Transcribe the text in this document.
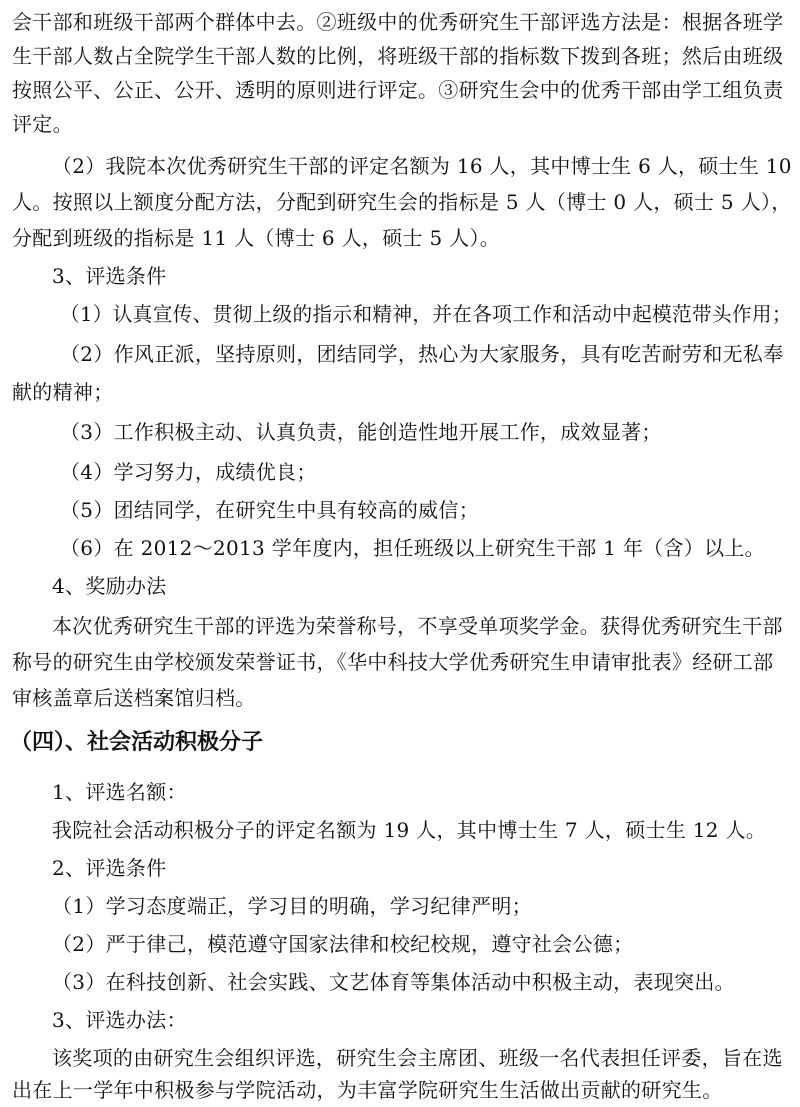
会干部和班级干部两个群体中去。②班级中的优秀研究生干部评选方法是：根据各班学
生干部人数占全院学生干部人数的比例，将班级干部的指标数下拨到各班；然后由班级
按照公平、公正、公开、透明的原则进行评定。③研究生会中的优秀干部由学工组负责
评定。
（2）我院本次优秀研究生干部的评定名额为 16 人，其中博士生 6 人，硕士生 10
人。按照以上额度分配方法，分配到研究生会的指标是 5 人（博士 0 人，硕士 5 人），
分配到班级的指标是 11 人（博士 6 人，硕士 5 人）。
3、评选条件
（1）认真宣传、贯彻上级的指示和精神，并在各项工作和活动中起模范带头作用；
（2）作风正派，坚持原则，团结同学，热心为大家服务，具有吃苦耐劳和无私奉
献的精神；
（3）工作积极主动、认真负责，能创造性地开展工作，成效显著；
（4）学习努力，成绩优良；
（5）团结同学，在研究生中具有较高的威信；
（6）在 2012～2013 学年度内，担任班级以上研究生干部 1 年（含）以上。
4、奖励办法
本次优秀研究生干部的评选为荣誉称号，不享受单项奖学金。获得优秀研究生干部
称号的研究生由学校颁发荣誉证书，《华中科技大学优秀研究生申请审批表》经研工部
审核盖章后送档案馆归档。
（四）、社会活动积极分子
1、评选名额：
我院社会活动积极分子的评定名额为 19 人，其中博士生 7 人，硕士生 12 人。
2、评选条件
（1）学习态度端正，学习目的明确，学习纪律严明；
（2）严于律己，模范遵守国家法律和校纪校规，遵守社会公德；
（3）在科技创新、社会实践、文艺体育等集体活动中积极主动，表现突出。
3、评选办法：
该奖项的由研究生会组织评选，研究生会主席团、班级一名代表担任评委，旨在选
出在上一学年中积极参与学院活动，为丰富学院研究生生活做出贡献的研究生。
